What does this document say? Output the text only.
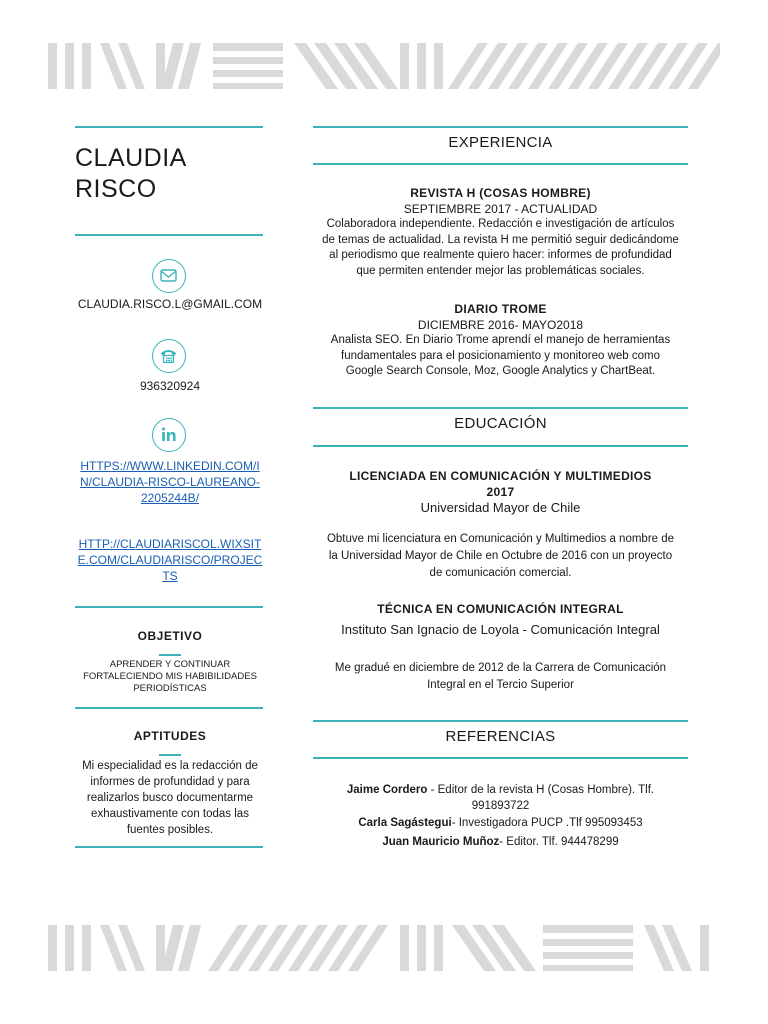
CLAUDIA
RISCO
CLAUDIA.RISCO.L@GMAIL.COM
936320924
HTTPS://WWW.LINKEDIN.COM/I
N/CLAUDIA-RISCO-LAUREANO-
2205244B/
HTTP://CLAUDIARISCOL.WIXSIT
E.COM/CLAUDIARISCO/PROJEC
TS
OBJETIVO
APRENDER Y CONTINUAR
FORTALECIENDO MIS HABIBILIDADES
PERIODÍSTICAS
APTITUDES
Mi especialidad es la redacción de
informes de profundidad y para
realizarlos busco documentarme
exhaustivamente con todas las
fuentes posibles.
EXPERIENCIA
REVISTA H (COSAS HOMBRE)
SEPTIEMBRE 2017 - ACTUALIDAD
Colaboradora independiente. Redacción e investigación de artículos
de temas de actualidad. La revista H me permitió seguir dedicándome
al periodismo que realmente quiero hacer: informes de profundidad
que permiten entender mejor las problemáticas sociales.
DIARIO TROME
DICIEMBRE 2016- MAYO2018
Analista SEO. En Diario Trome aprendí el manejo de herramientas
fundamentales para el posicionamiento y monitoreo web como
Google Search Console, Moz, Google Analytics y ChartBeat.
EDUCACIÓN
LICENCIADA EN COMUNICACIÓN Y MULTIMEDIOS
2017
Universidad Mayor de Chile
Obtuve mi licenciatura en Comunicación y Multimedios a nombre de
la Universidad Mayor de Chile en Octubre de 2016 con un proyecto
de comunicación comercial.
TÉCNICA EN COMUNICACIÓN INTEGRAL
Instituto San Ignacio de Loyola - Comunicación Integral
Me gradué en diciembre de 2012 de la Carrera de Comunicación
Integral en el Tercio Superior
REFERENCIAS
Jaime Cordero - Editor de la revista H (Cosas Hombre). Tlf.
991893722
Carla Sagástegui- Investigadora PUCP .Tlf 995093453
Juan Mauricio Muñoz- Editor. Tlf. 944478299
